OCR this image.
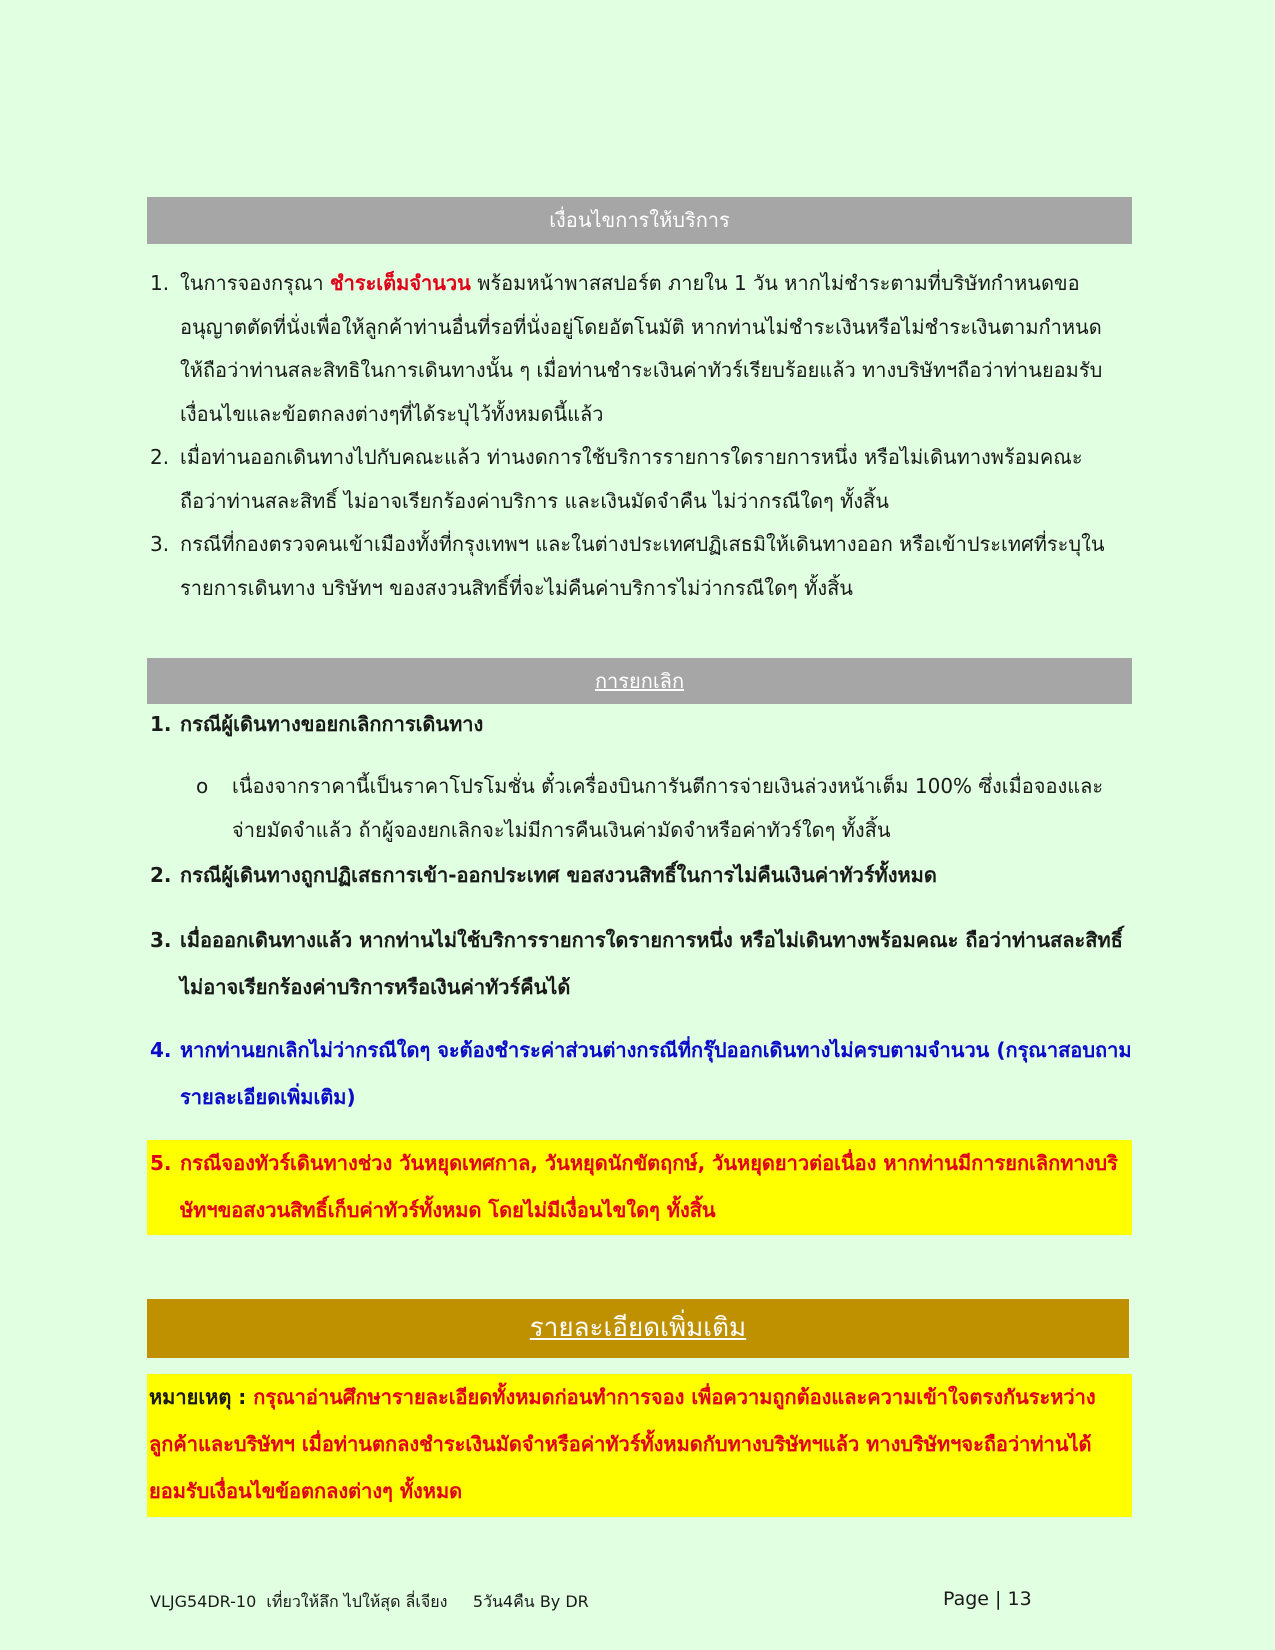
เงื่อนไขการให้บริการ
1. ในการจองกรุณา ชำระเต็มจำนวน พร้อมหน้าพาสสปอร์ต ภายใน 1 วัน หากไม่ชำระตามที่บริษัทกำหนดขออนุญาตตัดที่นั่งเพื่อให้ลูกค้าท่านอื่นที่รอที่นั่งอยู่โดยอัตโนมัติ หากท่านไม่ชำระเงินหรือไม่ชำระเงินตามกำหนดให้ถือว่าท่านสละสิทธิในการเดินทางนั้น ๆ เมื่อท่านชำระเงินค่าทัวร์เรียบร้อยแล้ว ทางบริษัทฯถือว่าท่านยอมรับเงื่อนไขและข้อตกลงต่างๆที่ได้ระบุไว้ทั้งหมดนี้แล้ว
2. เมื่อท่านออกเดินทางไปกับคณะแล้ว ท่านงดการใช้บริการรายการใดรายการหนึ่ง หรือไม่เดินทางพร้อมคณะ ถือว่าท่านสละสิทธิ์ ไม่อาจเรียกร้องค่าบริการ และเงินมัดจำคืน ไม่ว่ากรณีใดๆ ทั้งสิ้น
3. กรณีที่กองตรวจคนเข้าเมืองทั้งที่กรุงเทพฯ และในต่างประเทศปฏิเสธมิให้เดินทางออก หรือเข้าประเทศที่ระบุในรายการเดินทาง บริษัทฯ ของสงวนสิทธิ์ที่จะไม่คืนค่าบริการไม่ว่ากรณีใดๆ ทั้งสิ้น
การยกเลิก
1. กรณีผู้เดินทางขอยกเลิกการเดินทาง
o	เนื่องจากราคานี้เป็นราคาโปรโมชั่น ตั๋วเครื่องบินการันตีการจ่ายเงินล่วงหน้าเต็ม 100% ซึ่งเมื่อจองและจ่ายมัดจำแล้ว ถ้าผู้จองยกเลิกจะไม่มีการคืนเงินค่ามัดจำหรือค่าทัวร์ใดๆ ทั้งสิ้น
2. กรณีผู้เดินทางถูกปฏิเสธการเข้า-ออกประเทศ ขอสงวนสิทธิ์ในการไม่คืนเงินค่าทัวร์ทั้งหมด
3. เมื่อออกเดินทางแล้ว หากท่านไม่ใช้บริการรายการใดรายการหนึ่ง หรือไม่เดินทางพร้อมคณะ ถือว่าท่านสละสิทธิ์ไม่อาจเรียกร้องค่าบริการหรือเงินค่าทัวร์คืนได้
4. หากท่านยกเลิกไม่ว่ากรณีใดๆ จะต้องชำระค่าส่วนต่างกรณีที่กรุ๊ปออกเดินทางไม่ครบตามจำนวน (กรุณาสอบถามรายละเอียดเพิ่มเติม)
5. กรณีจองทัวร์เดินทางช่วง วันหยุดเทศกาล, วันหยุดนักขัตฤกษ์, วันหยุดยาวต่อเนื่อง หากท่านมีการยกเลิกทางบริษัทฯขอสงวนสิทธิ์เก็บค่าทัวร์ทั้งหมด โดยไม่มีเงื่อนไขใดๆ ทั้งสิ้น
รายละเอียดเพิ่มเติม
หมายเหตุ : กรุณาอ่านศึกษารายละเอียดทั้งหมดก่อนทำการจอง เพื่อความถูกต้องและความเข้าใจตรงกันระหว่างลูกค้าและบริษัทฯ เมื่อท่านตกลงชำระเงินมัดจำหรือค่าทัวร์ทั้งหมดกับทางบริษัทฯแล้ว ทางบริษัทฯจะถือว่าท่านได้ยอมรับเงื่อนไขข้อตกลงต่างๆ ทั้งหมด
VLJG54DR-10  เที่ยวให้ลึก ไปให้สุด ลี่เจียง     5วัน4คืน By DR	Page | 13
